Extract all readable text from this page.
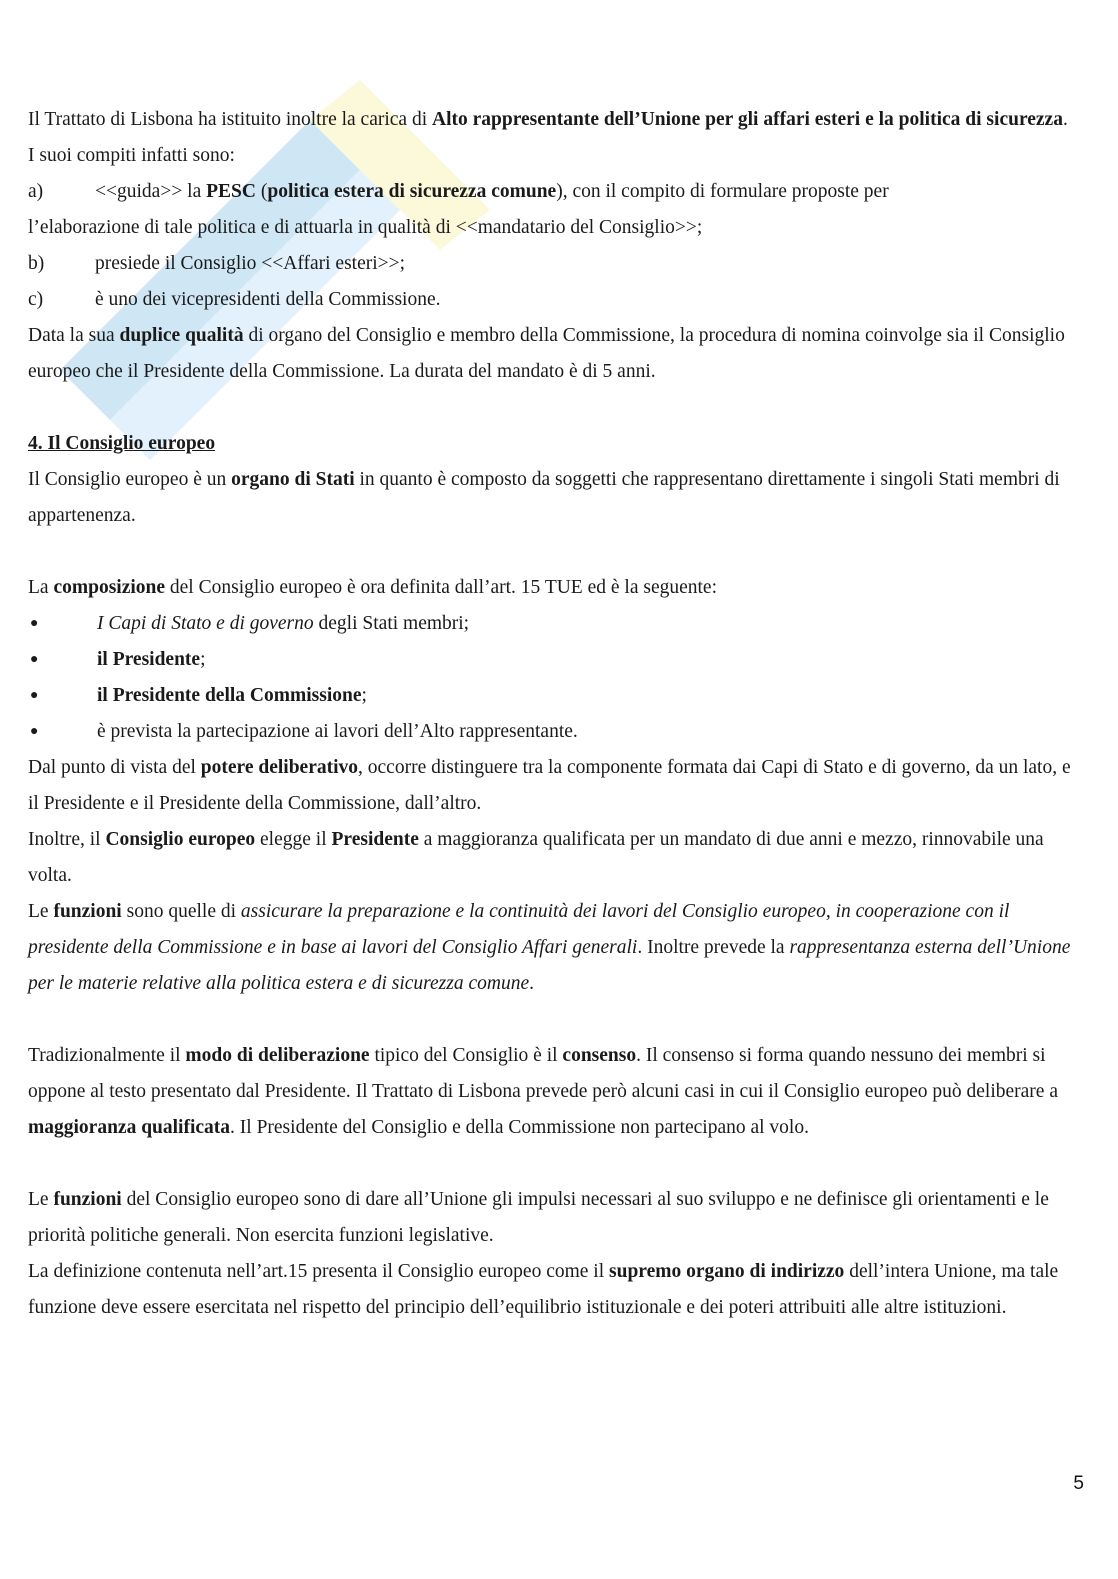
Il Trattato di Lisbona ha istituito inoltre la carica di Alto rappresentante dell’Unione per gli affari esteri e la politica di sicurezza. I suoi compiti infatti sono:

a)	<<guida>> la PESC (politica estera di sicurezza comune), con il compito di formulare proposte per

l’elaborazione di tale politica e di attuarla in qualità di <<mandatario del Consiglio>>;

b)	presiede il Consiglio <<Affari esteri>>;
c)	è uno dei vicepresidenti della Commissione.

Data la sua duplice qualità di organo del Consiglio e membro della Commissione, la procedura di nomina coinvolge sia il Consiglio europeo che il Presidente della Commissione. La durata del mandato è di 5 anni.

4. Il Consiglio europeo

Il Consiglio europeo è un organo di Stati in quanto è composto da soggetti che rappresentano direttamente i singoli Stati membri di appartenenza.

La composizione del Consiglio europeo è ora definita dall’art. 15 TUE ed è la seguente:

●	I Capi di Stato e di governo degli Stati membri;
●	il Presidente;
●	il Presidente della Commissione;
●	è prevista la partecipazione ai lavori dell’Alto rappresentante.

Dal punto di vista del potere deliberativo, occorre distinguere tra la componente formata dai Capi di Stato e di governo, da un lato, e il Presidente e il Presidente della Commissione, dall’altro.

Inoltre, il Consiglio europeo elegge il Presidente a maggioranza qualificata per un mandato di due anni e mezzo, rinnovabile una volta.

Le funzioni sono quelle di assicurare la preparazione e la continuità dei lavori del Consiglio europeo, in cooperazione con il presidente della Commissione e in base ai lavori del Consiglio Affari generali. Inoltre prevede la rappresentanza esterna dell’Unione per le materie relative alla politica estera e di sicurezza comune.

Tradizionalmente il modo di deliberazione tipico del Consiglio è il consenso. Il consenso si forma quando nessuno dei membri si oppone al testo presentato dal Presidente. Il Trattato di Lisbona prevede però alcuni casi in cui il Consiglio europeo può deliberare a maggioranza qualificata. Il Presidente del Consiglio e della Commissione non partecipano al volo.

Le funzioni del Consiglio europeo sono di dare all’Unione gli impulsi necessari al suo sviluppo e ne definisce gli orientamenti e le priorità politiche generali. Non esercita funzioni legislative.

La definizione contenuta nell’art.15 presenta il Consiglio europeo come il supremo organo di indirizzo dell’intera Unione, ma tale funzione deve essere esercitata nel rispetto del principio dell’equilibrio istituzionale e dei poteri attribuiti alle altre istituzioni.

5
